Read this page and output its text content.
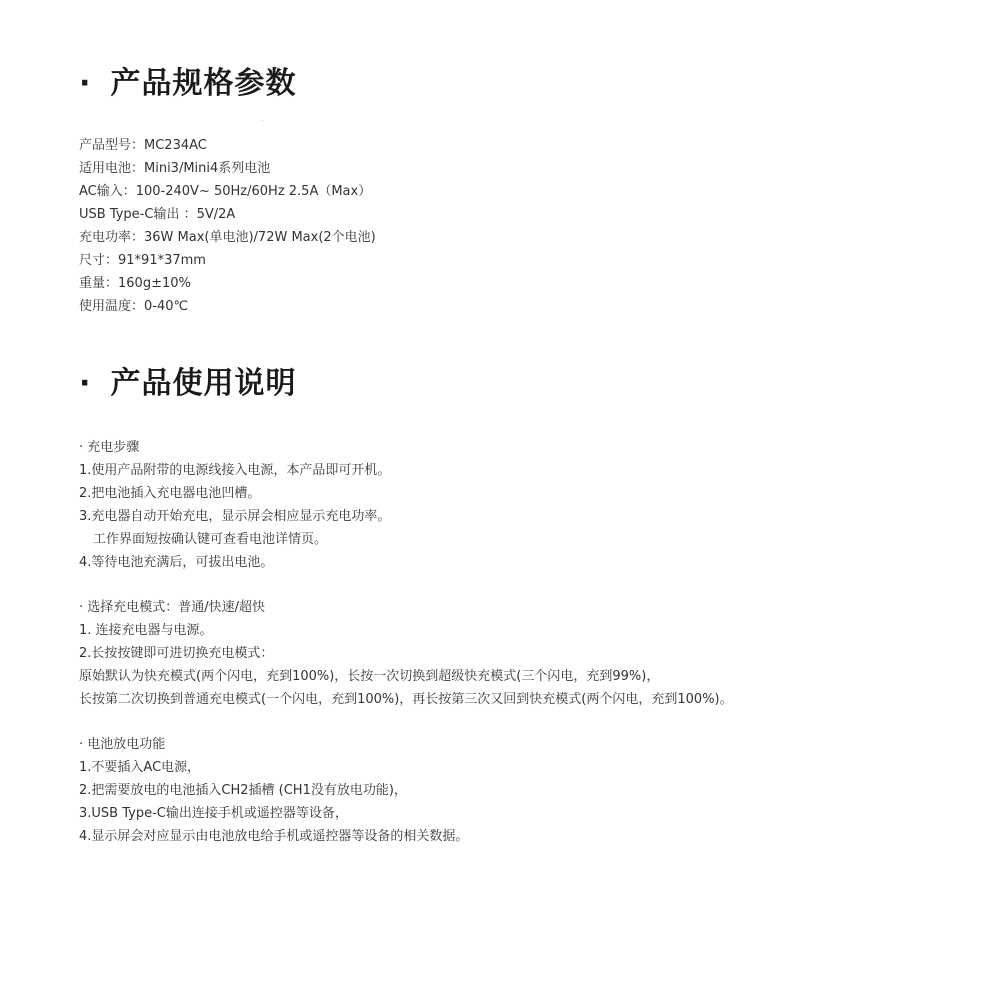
· 产品规格参数
产品型号：MC234AC
适用电池：Mini3/Mini4系列电池
AC输入：100-240V~ 50Hz/60Hz 2.5A（Max）
USB Type-C输出 ：5V/2A
充电功率：36W Max(单电池)/72W Max(2个电池)
尺寸：91*91*37mm
重量：160g±10%
使用温度：0-40℃
· 产品使用说明
· 充电步骤
1.使用产品附带的电源线接入电源，本产品即可开机。
2.把电池插入充电器电池凹槽。
3.充电器自动开始充电，显示屏会相应显示充电功率。
工作界面短按确认键可查看电池详情页。
4.等待电池充满后，可拔出电池。
· 选择充电模式：普通/快速/超快
1. 连接充电器与电源。
2.长按按键即可进切换充电模式：
原始默认为快充模式(两个闪电，充到100%)，长按一次切换到超级快充模式(三个闪电，充到99%)，
长按第二次切换到普通充电模式(一个闪电，充到100%)，再长按第三次又回到快充模式(两个闪电，充到100%)。
· 电池放电功能
1.不要插入AC电源，
2.把需要放电的电池插入CH2插槽 (CH1没有放电功能)，
3.USB Type-C输出连接手机或遥控器等设备，
4.显示屏会对应显示由电池放电给手机或遥控器等设备的相关数据。
